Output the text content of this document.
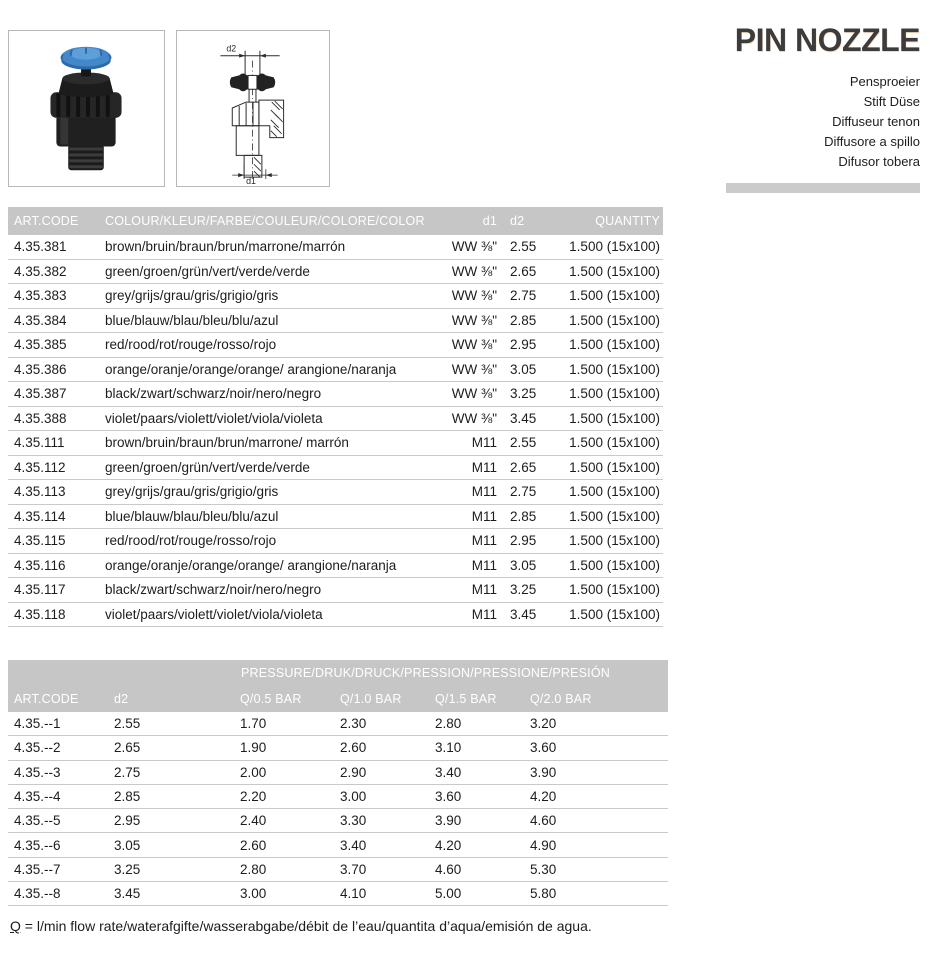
d2
d1
PIN NOZZLE
Pensproeier
Stift Düse
Diffuseur tenon
Diffusore a spillo
Difusor tobera
ART.CODE	COLOUR/KLEUR/FARBE/COULEUR/COLORE/COLOR	d1	d2	QUANTITY
4.35.381	brown/bruin/braun/brun/marrone/marrón	WW ⅜" 2.55	1.500 (15x100)
4.35.382	green/groen/grün/vert/verde/verde	WW ⅜" 2.65	1.500 (15x100)
4.35.383	grey/grijs/grau/gris/grigio/gris	WW ⅜" 2.75	1.500 (15x100)
4.35.384	blue/blauw/blau/bleu/blu/azul	WW ⅜" 2.85	1.500 (15x100)
4.35.385	red/rood/rot/rouge/rosso/rojo	WW ⅜" 2.95	1.500 (15x100)
4.35.386	orange/oranje/orange/orange/ arangione/naranja	WW ⅜" 3.05	1.500 (15x100)
4.35.387	black/zwart/schwarz/noir/nero/negro	WW ⅜" 3.25	1.500 (15x100)
4.35.388	violet/paars/violett/violet/viola/violeta	WW ⅜" 3.45	1.500 (15x100)
4.35.111	brown/bruin/braun/brun/marrone/ marrón	M11 2.55	1.500 (15x100)
4.35.112	green/groen/grün/vert/verde/verde	M11 2.65	1.500 (15x100)
4.35.113	grey/grijs/grau/gris/grigio/gris	M11 2.75	1.500 (15x100)
4.35.114	blue/blauw/blau/bleu/blu/azul	M11 2.85	1.500 (15x100)
4.35.115	red/rood/rot/rouge/rosso/rojo	M11 2.95	1.500 (15x100)
4.35.116	orange/oranje/orange/orange/ arangione/naranja	M11 3.05	1.500 (15x100)
4.35.117	black/zwart/schwarz/noir/nero/negro	M11 3.25	1.500 (15x100)
4.35.118	violet/paars/violett/violet/viola/violeta	M11 3.45	1.500 (15x100)
PRESSURE/DRUK/DRUCK/PRESSION/PRESSIONE/PRESIÓN
ART.CODE	d2	Q/0.5 BAR	Q/1.0 BAR	Q/1.5 BAR	Q/2.0 BAR
4.35.--1	2.55	1.70	2.30	2.80	3.20
4.35.--2	2.65	1.90	2.60	3.10	3.60
4.35.--3	2.75	2.00	2.90	3.40	3.90
4.35.--4	2.85	2.20	3.00	3.60	4.20
4.35.--5	2.95	2.40	3.30	3.90	4.60
4.35.--6	3.05	2.60	3.40	4.20	4.90
4.35.--7	3.25	2.80	3.70	4.60	5.30
4.35.--8	3.45	3.00	4.10	5.00	5.80
Q = l/min flow rate/waterafgifte/wasserabgabe/débit de l’eau/quantita d’aqua/emisión de agua.
